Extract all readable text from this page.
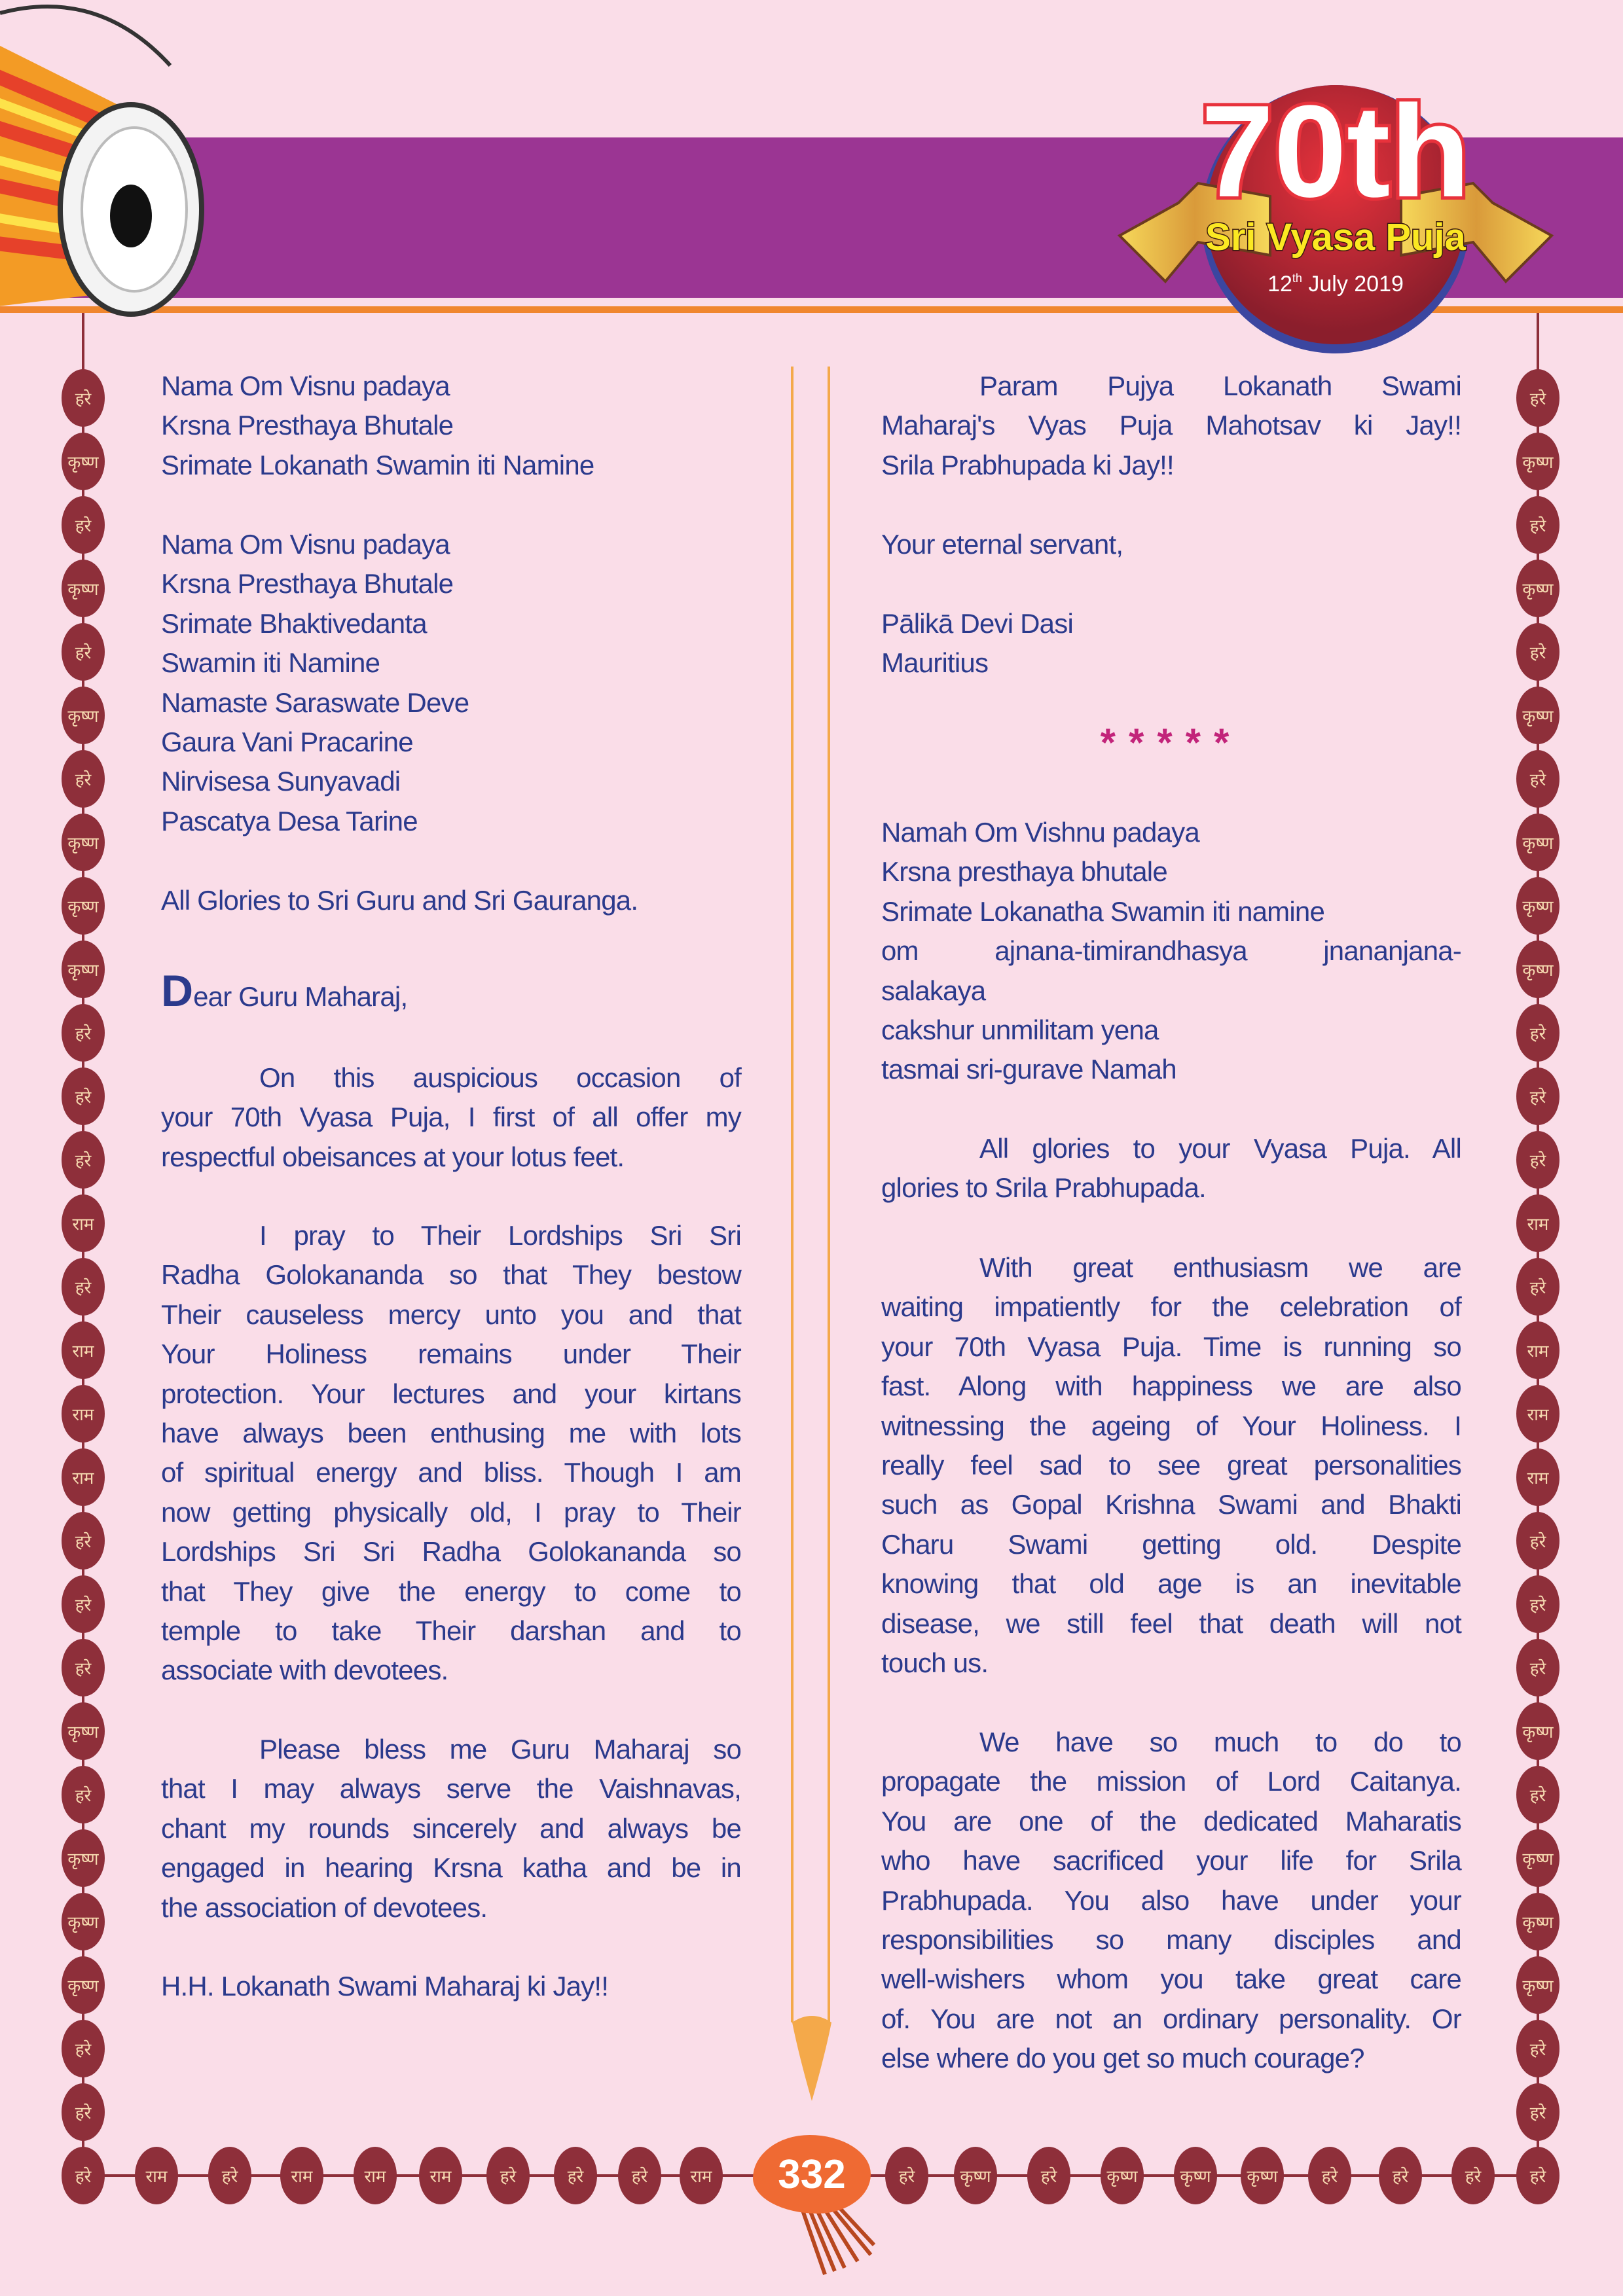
70th
Sri Vyasa Puja
12th July 2019
हरे
कृष्ण
हरे
कृष्ण
हरे
कृष्ण
हरे
कृष्ण
कृष्ण
कृष्ण
हरे
हरे
हरे
राम
हरे
राम
राम
राम
हरे
हरे
हरे
कृष्ण
हरे
कृष्ण
कृष्ण
कृष्ण
हरे
हरे
हरे
कृष्ण
हरे
कृष्ण
हरे
कृष्ण
हरे
कृष्ण
कृष्ण
कृष्ण
हरे
हरे
हरे
राम
हरे
राम
राम
राम
हरे
हरे
हरे
कृष्ण
हरे
कृष्ण
कृष्ण
कृष्ण
हरे
हरे
हरे	राम	हरे	राम	राम	राम	हरे	हरे	हरे	राम	हरे	कृष्ण	हरे	कृष्ण	कृष्ण	कृष्ण	हरे	हरे	हरे	हरे
332
Nama Om Visnu padaya
Krsna Presthaya Bhutale
Srimate Lokanath Swamin iti Namine
Nama Om Visnu padaya
Krsna Presthaya Bhutale
Srimate Bhaktivedanta
Swamin iti Namine
Namaste Saraswate Deve
Gaura Vani Pracarine
Nirvisesa Sunyavadi
Pascatya Desa Tarine
All Glories to Sri Guru and Sri Gauranga.
Dear Guru Maharaj,
On this auspicious occasion of
your 70th Vyasa Puja, I first of all offer my
respectful obeisances at your lotus feet.
I pray to Their Lordships Sri Sri
Radha Golokananda so that They bestow
Their causeless mercy unto you and that
Your Holiness remains under Their
protection. Your lectures and your kirtans
have always been enthusing me with lots
of spiritual energy and bliss. Though I am
now getting physically old, I pray to Their
Lordships Sri Sri Radha Golokananda so
that They give the energy to come to
temple to take Their darshan and to
associate with devotees.
Please bless me Guru Maharaj so
that I may always serve the Vaishnavas,
chant my rounds sincerely and always be
engaged in hearing Krsna katha and be in
the association of devotees.
H.H. Lokanath Swami Maharaj ki Jay!!
Param Pujya Lokanath Swami
Maharaj's Vyas Puja Mahotsav ki Jay!!
Srila Prabhupada ki Jay!!
Your eternal servant,
Pālikā Devi Dasi
Mauritius
*****
Namah Om Vishnu padaya
Krsna presthaya bhutale
Srimate Lokanatha Swamin iti namine
om ajnana-timirandhasya jnananjana-
salakaya
cakshur unmilitam yena
tasmai sri-gurave Namah
All glories to your Vyasa Puja. All
glories to Srila Prabhupada.
With great enthusiasm we are
waiting impatiently for the celebration of
your 70th Vyasa Puja. Time is running so
fast. Along with happiness we are also
witnessing the ageing of Your Holiness. I
really feel sad to see great personalities
such as Gopal Krishna Swami and Bhakti
Charu Swami getting old. Despite
knowing that old age is an inevitable
disease, we still feel that death will not
touch us.
We have so much to do to
propagate the mission of Lord Caitanya.
You are one of the dedicated Maharatis
who have sacrificed your life for Srila
Prabhupada. You also have under your
responsibilities so many disciples and
well-wishers whom you take great care
of. You are not an ordinary personality. Or
else where do you get so much courage?
